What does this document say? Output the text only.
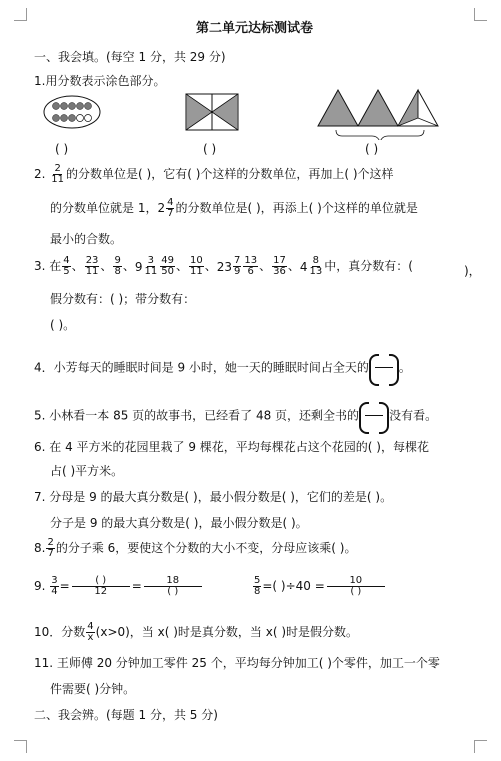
第二单元达标测试卷
一、我会填。(每空 1 分，共 29 分)
1.用分数表示涂色部分。
( )	( )	( )
2. $\frac{2}{11}$ 的分数单位是( )，它有( )个这样的分数单位，再加上( )个这样
的分数单位就是 1，$2 \frac{4}{7}$ 的分数单位是( )，再添上( )个这样的单位就是
最小的合数。
3. 在 $\frac{4}{5}$ 、 $\frac{23}{11}$ 、 $\frac{9}{8}$ 、 $9 \frac{3}{11} \frac{49}{50}$ 、 $\frac{10}{11}$ 、 $23 \frac{7}{9} \frac{13}{6}$ 、 $\frac{17}{36}$ 、 $4 \frac{8}{13}$ 中，真分数有：(	)，
假分数有：( )；带分数有：
( )。
4．小芳每天的睡眠时间是 9 小时，她一天的睡眠时间占全天的	。
5. 小林看一本 85 页的故事书，已经看了 48 页，还剩全书的	没有看。
6. 在 4 平方米的花园里栽了 9 棵花，平均每棵花占这个花园的( )，每棵花
占( )平方米。
7. 分母是 9 的最大真分数是( )，最小假分数是( )，它们的差是( )。
分子是 9 的最大真分数是( )，最小假分数是( )。
8. $\frac{2}{7}$ 的分子乘 6，要使这个分数的大小不变，分母应该乘( )。
9. $\frac{3}{4} = \frac{( )}{12} = \frac{18}{( )}$	$\frac{5}{8}$ =( )$\div 40 = \frac{10}{( )}$
10．分数 $\frac{4}{x} (x>0)$，当 x( )时是真分数，当 x( )时是假分数。
11. 王师傅 20 分钟加工零件 25 个，平均每分钟加工( )个零件，加工一个零
件需要( )分钟。
二、我会辨。(每题 1 分，共 5 分)
